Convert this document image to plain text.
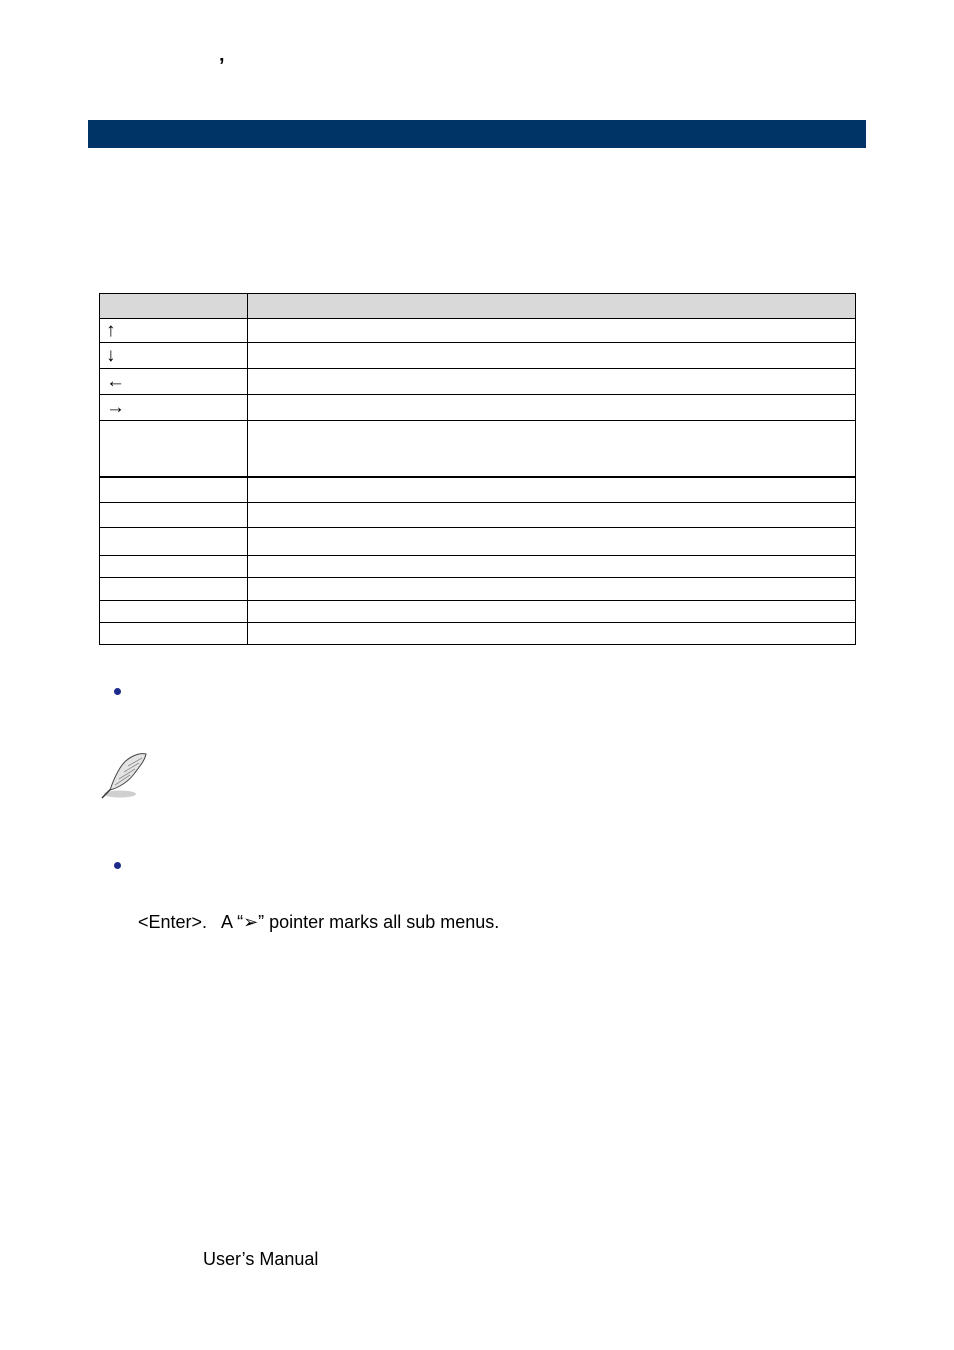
’

↑	
↓	
←	
→	

<Enter>.   A “➢” pointer marks all sub menus.
User’s Manual
